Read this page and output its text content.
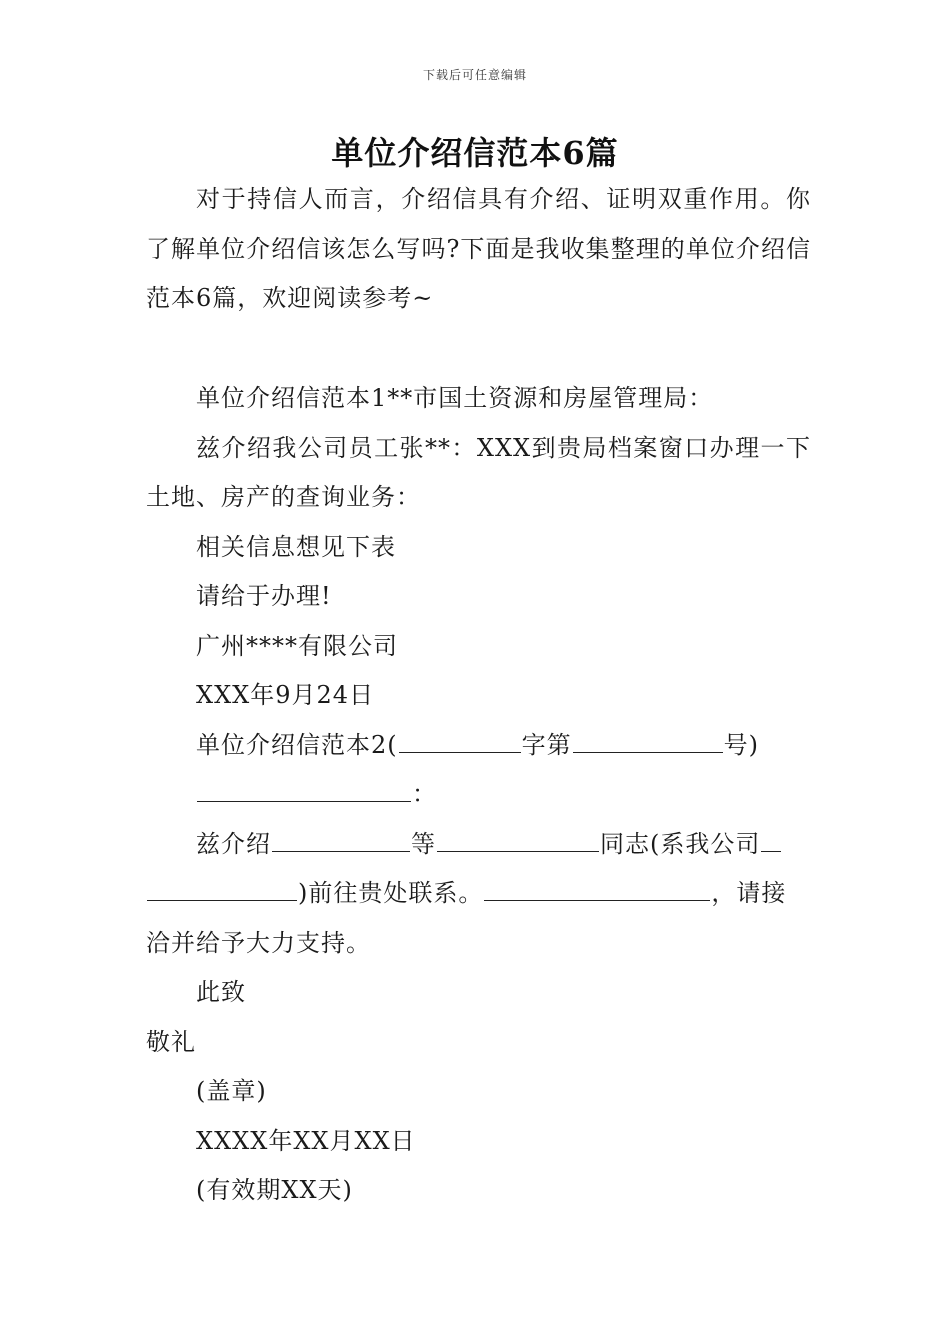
下载后可任意编辑
单位介绍信范本6篇
对于持信人而言，介绍信具有介绍、证明双重作用。你了解单位介绍信该怎么写吗?下面是我收集整理的单位介绍信范本6篇，欢迎阅读参考~
单位介绍信范本1**市国土资源和房屋管理局：
兹介绍我公司员工张**：XXX到贵局档案窗口办理一下土地、房产的查询业务：
相关信息想见下表
请给于办理!
广州****有限公司
XXX年9月24日
单位介绍信范本2(	字第	号)
：
兹介绍	等	同志(系我公司
)前往贵处联系。	，请接
洽并给予大力支持。
此致
敬礼
(盖章)
XXXX年XX月XX日
(有效期XX天)
